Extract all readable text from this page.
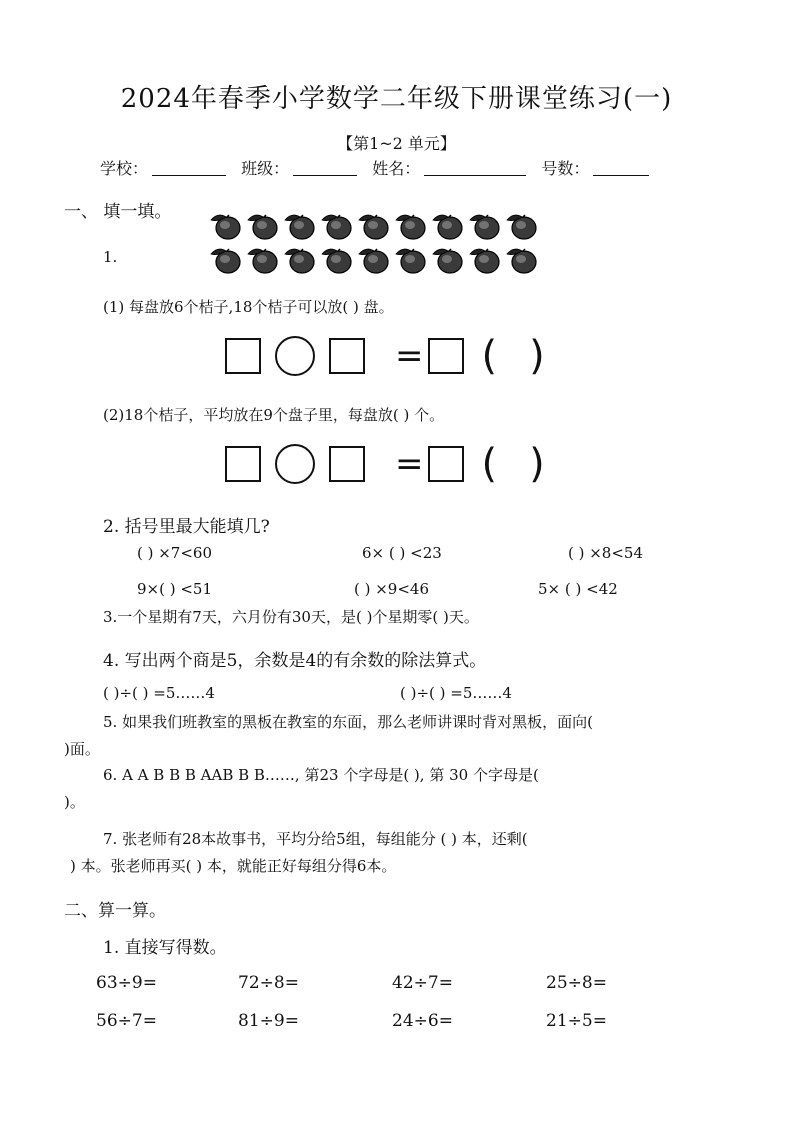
2024年春季小学数学二年级下册课堂练习(一)
【第1~2 单元】
学校：	班级：	姓名：	号数：
一、 填一填。
1.
(1) 每盘放6个桔子,18个桔子可以放( ) 盘。
= ( )
(2)18个桔子，平均放在9个盘子里，每盘放( ) 个。
= ( )
2. 括号里最大能填几?
( ) ×7<60	6× ( ) <23	( ) ×8<54
9×( ) <51	( ) ×9<46	5× ( ) <42
3.一个星期有7天，六月份有30天，是( )个星期零( )天。
4. 写出两个商是5，余数是4的有余数的除法算式。
( )÷( ) =5……4	( )÷( ) =5……4
5. 如果我们班教室的黑板在教室的东面，那么老师讲课时背对黑板，面向(
)面。
6. A A B B B AAB B B……, 第23 个字母是( ), 第 30 个字母是(
)。
7. 张老师有28本故事书，平均分给5组，每组能分 ( ) 本，还剩(
) 本。张老师再买( ) 本，就能正好每组分得6本。
二、算一算。
1. 直接写得数。
63÷9=	72÷8=	42÷7=	25÷8=
56÷7=	81÷9=	24÷6=	21÷5=
